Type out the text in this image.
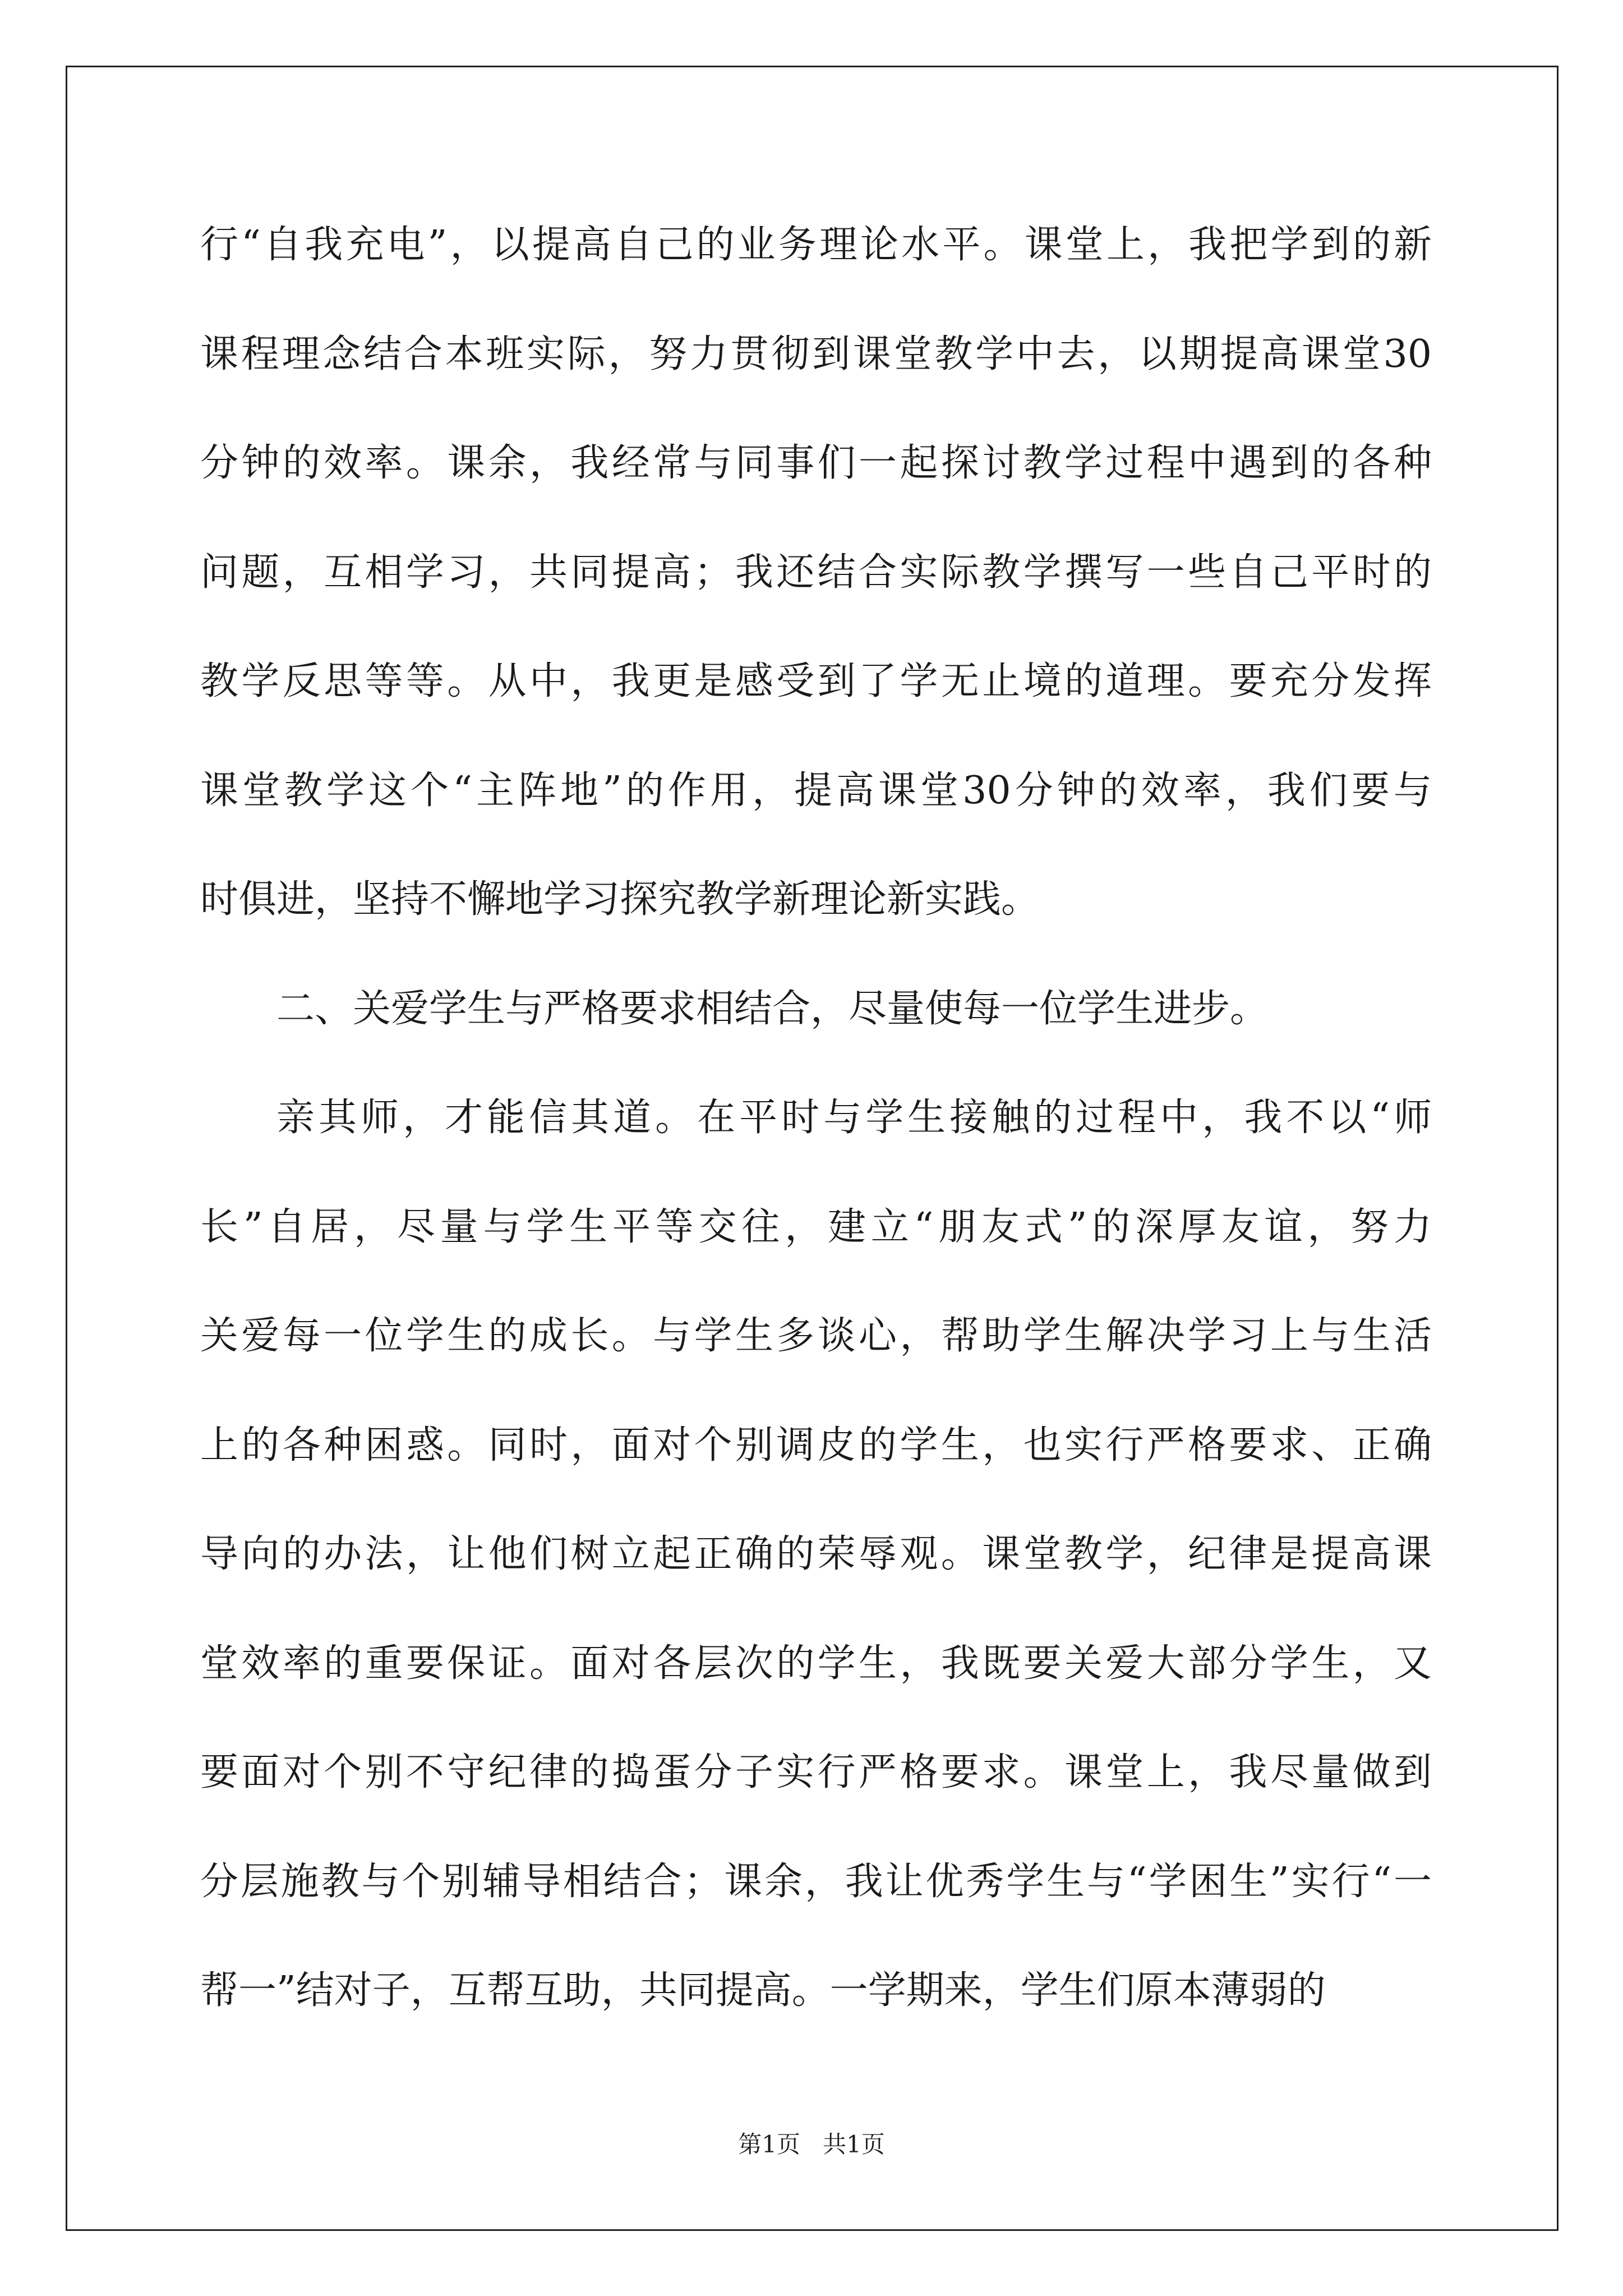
行“自我充电”，以提高自己的业务理论水平。课堂上，我把学到的新
课程理念结合本班实际，努力贯彻到课堂教学中去，以期提高课堂30
分钟的效率。课余，我经常与同事们一起探讨教学过程中遇到的各种
问题，互相学习，共同提高；我还结合实际教学撰写一些自己平时的
教学反思等等。从中，我更是感受到了学无止境的道理。要充分发挥
课堂教学这个“主阵地”的作用，提高课堂30分钟的效率，我们要与
时俱进，坚持不懈地学习探究教学新理论新实践。
二、关爱学生与严格要求相结合，尽量使每一位学生进步。
亲其师，才能信其道。在平时与学生接触的过程中，我不以“师
长”自居，尽量与学生平等交往，建立“朋友式”的深厚友谊，努力
关爱每一位学生的成长。与学生多谈心，帮助学生解决学习上与生活
上的各种困惑。同时，面对个别调皮的学生，也实行严格要求、正确
导向的办法，让他们树立起正确的荣辱观。课堂教学，纪律是提高课
堂效率的重要保证。面对各层次的学生，我既要关爱大部分学生，又
要面对个别不守纪律的捣蛋分子实行严格要求。课堂上，我尽量做到
分层施教与个别辅导相结合；课余，我让优秀学生与“学困生”实行“一
帮一”结对子，互帮互助，共同提高。一学期来，学生们原本薄弱的
第1页 共1页
